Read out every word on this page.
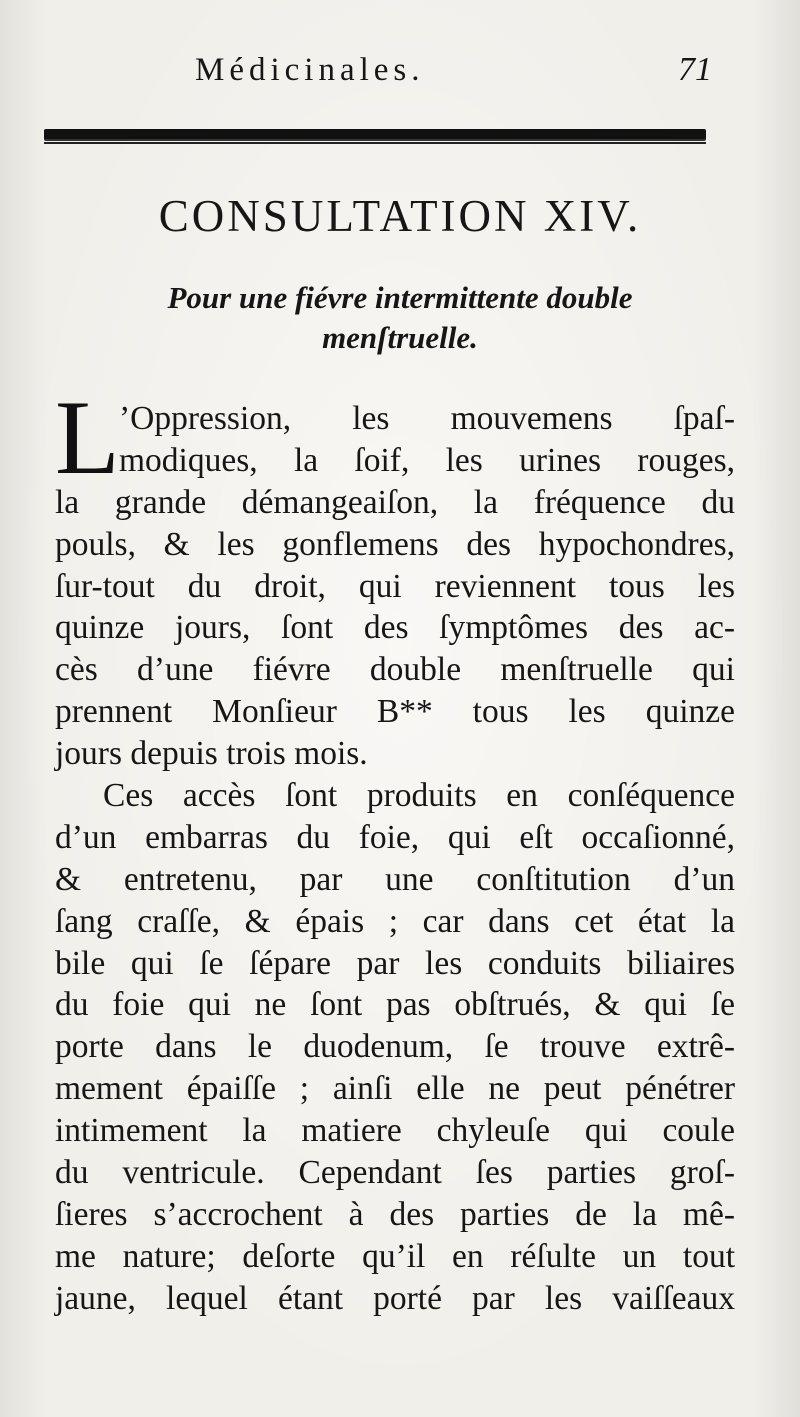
Médicinales.	71
CONSULTATION XIV.
Pour une fiévre intermittente double
menſtruelle.
L ’Oppression, les mouvemens ſpaſ-
modiques, la ſoif, les urines rouges,
la grande démangeaiſon, la fréquence du
pouls, & les gonflemens des hypochondres,
ſur-tout du droit, qui reviennent tous les
quinze jours, ſont des ſymptômes des ac-
cès d’une fiévre double menſtruelle qui
prennent Monſieur B** tous les quinze
jours depuis trois mois.
Ces accès ſont produits en conſéquence
d’un embarras du foie, qui eſt occaſionné,
& entretenu, par une conſtitution d’un
ſang craſſe, & épais ; car dans cet état la
bile qui ſe ſépare par les conduits biliaires
du foie qui ne ſont pas obſtrués, & qui ſe
porte dans le duodenum, ſe trouve extrê-
mement épaiſſe ; ainſi elle ne peut pénétrer
intimement la matiere chyleuſe qui coule
du ventricule. Cependant ſes parties groſ-
ſieres s’accrochent à des parties de la mê-
me nature; deſorte qu’il en réſulte un tout
jaune, lequel étant porté par les vaiſſeaux
